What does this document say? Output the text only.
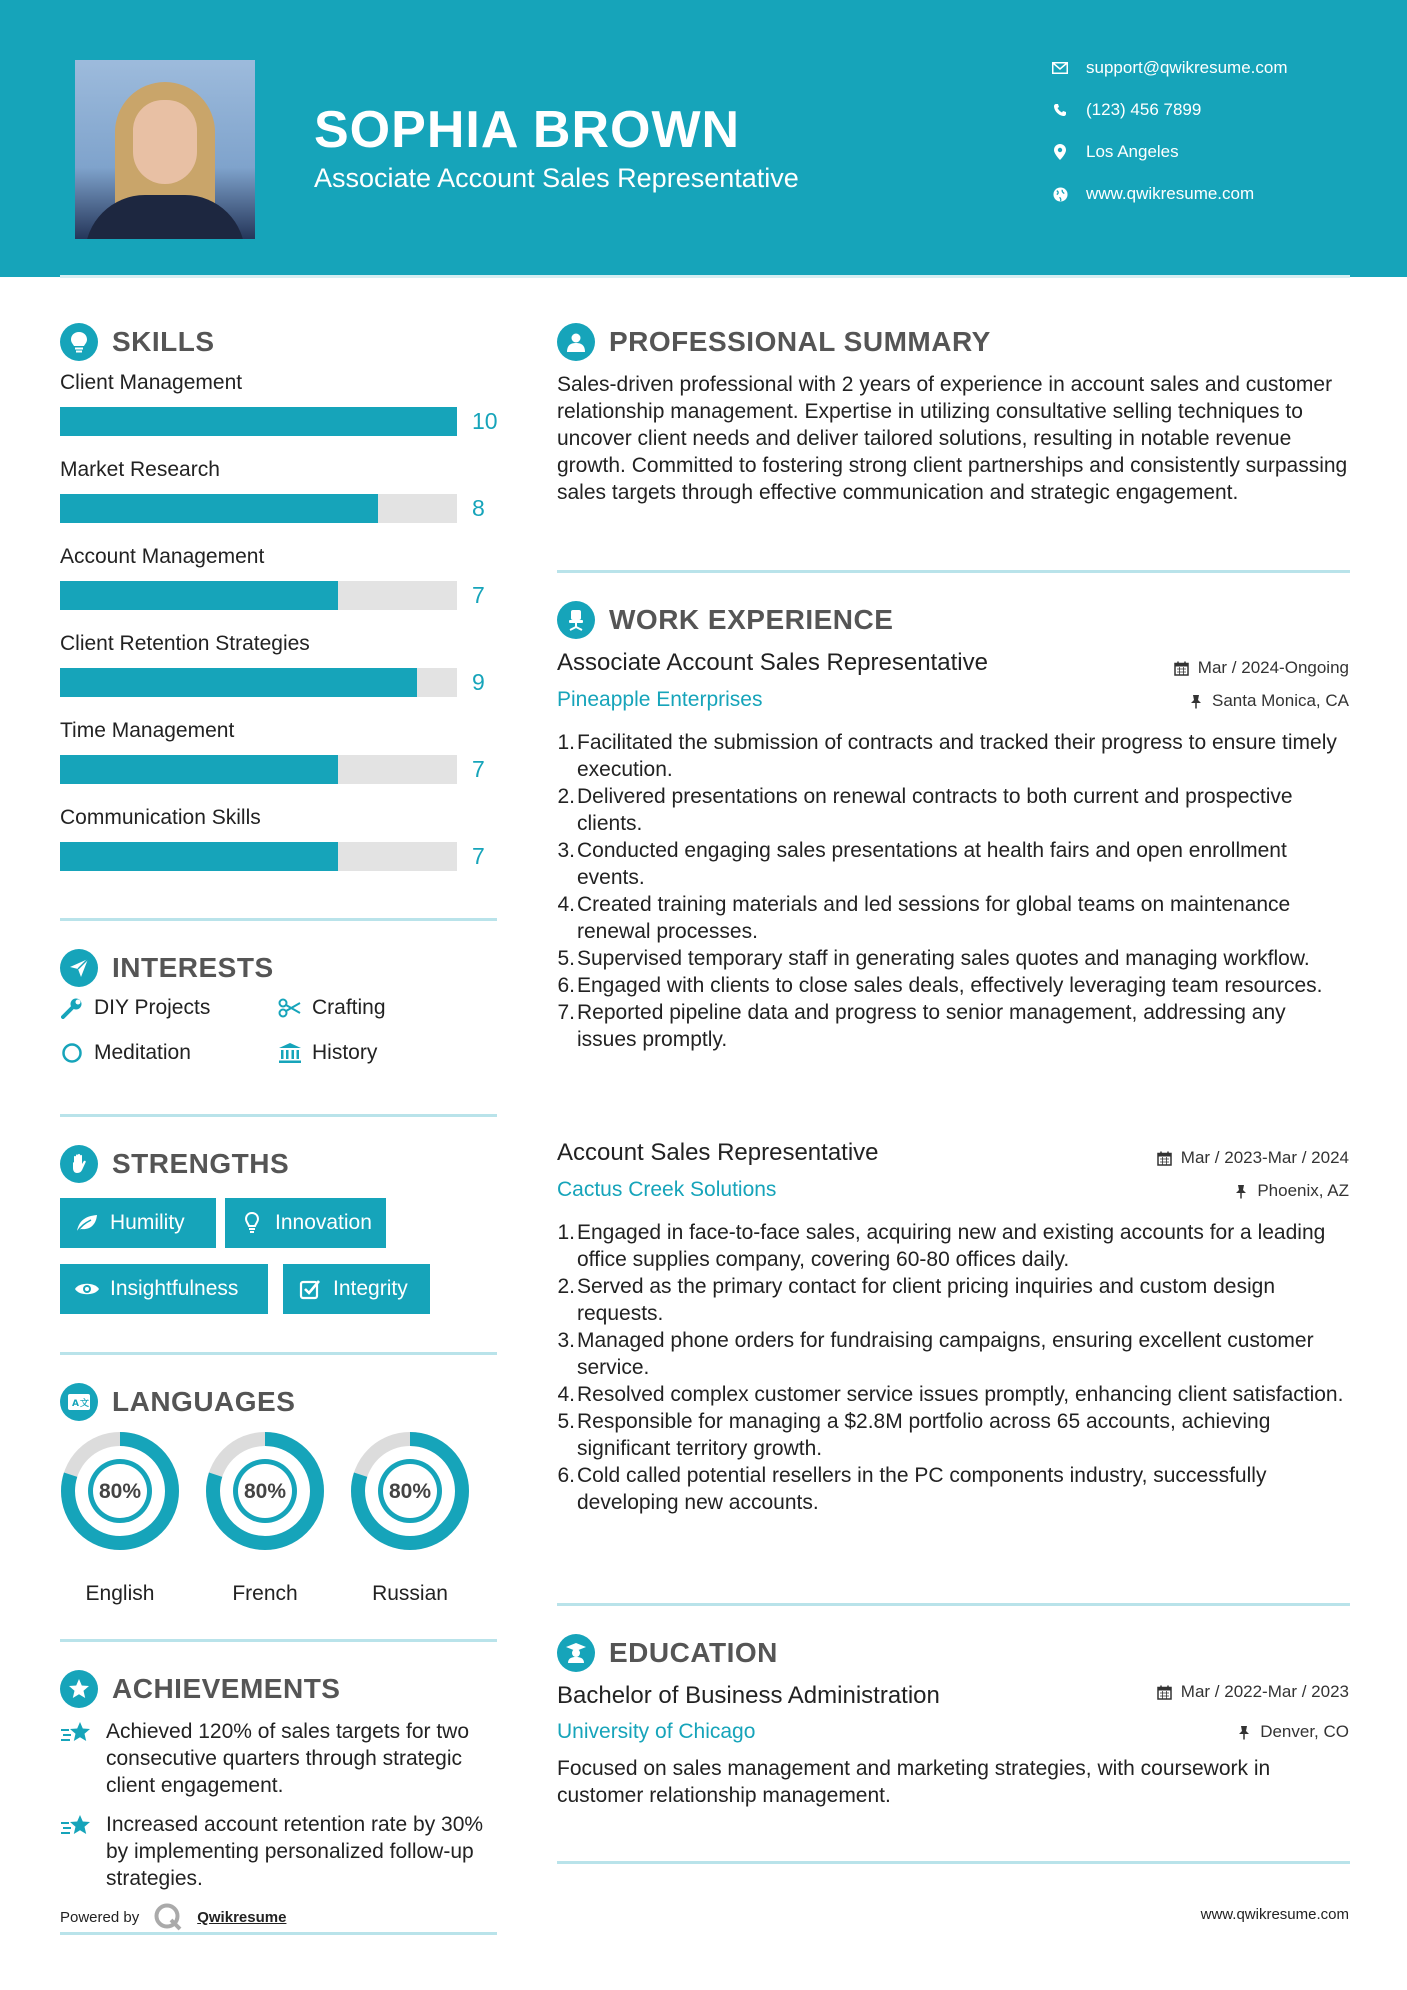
SOPHIA BROWN
Associate Account Sales Representative
support@qwikresume.com
(123) 456 7899
Los Angeles
www.qwikresume.com
SKILLS
Client Management
10
Market Research
8
Account Management
7
Client Retention Strategies
9
Time Management
7
Communication Skills
7
INTERESTS
DIY Projects	Crafting
Meditation	History
STRENGTHS
Humility	Innovation
Insightfulness	Integrity
A 文 LANGUAGES
80%
English
80%
French
80%
Russian
ACHIEVEMENTS
Achieved 120% of sales targets for two consecutive quarters through strategic client engagement.
Increased account retention rate by 30% by implementing personalized follow-up strategies.
Powered by	Qwikresume
PROFESSIONAL SUMMARY
Sales-driven professional with 2 years of experience in account sales and customer relationship management. Expertise in utilizing consultative selling techniques to uncover client needs and deliver tailored solutions, resulting in notable revenue growth. Committed to fostering strong client partnerships and consistently surpassing sales targets through effective communication and strategic engagement.
WORK EXPERIENCE
Associate Account Sales Representative	Mar / 2024-Ongoing
Pineapple Enterprises	Santa Monica, CA
1. Facilitated the submission of contracts and tracked their progress to ensure timely execution.
2. Delivered presentations on renewal contracts to both current and prospective clients.
3. Conducted engaging sales presentations at health fairs and open enrollment events.
4. Created training materials and led sessions for global teams on maintenance renewal processes.
5. Supervised temporary staff in generating sales quotes and managing workflow.
6. Engaged with clients to close sales deals, effectively leveraging team resources.
7. Reported pipeline data and progress to senior management, addressing any issues promptly.
Account Sales Representative	Mar / 2023-Mar / 2024
Cactus Creek Solutions	Phoenix, AZ
1. Engaged in face-to-face sales, acquiring new and existing accounts for a leading office supplies company, covering 60-80 offices daily.
2. Served as the primary contact for client pricing inquiries and custom design requests.
3. Managed phone orders for fundraising campaigns, ensuring excellent customer service.
4. Resolved complex customer service issues promptly, enhancing client satisfaction.
5. Responsible for managing a $2.8M portfolio across 65 accounts, achieving significant territory growth.
6. Cold called potential resellers in the PC components industry, successfully developing new accounts.
EDUCATION
Bachelor of Business Administration	Mar / 2022-Mar / 2023
University of Chicago	Denver, CO
Focused on sales management and marketing strategies, with coursework in customer relationship management.
www.qwikresume.com
